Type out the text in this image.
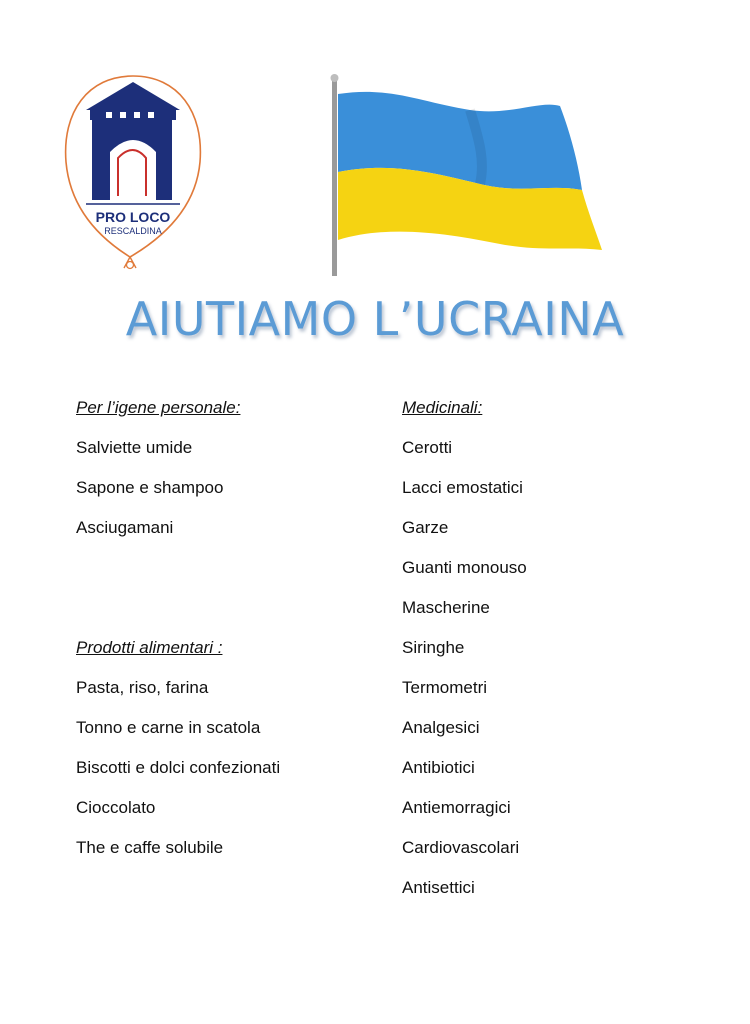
PRO LOCO
RESCALDINA
AIUTIAMO L’UCRAINA
Per l’igene personale:
Salviette umide
Sapone e shampoo
Asciugamani
Prodotti alimentari :
Pasta, riso, farina
Tonno e carne in scatola
Biscotti e dolci confezionati
Cioccolato
The e caffe solubile
Medicinali:
Cerotti
Lacci emostatici
Garze
Guanti monouso
Mascherine
Siringhe
Termometri
Analgesici
Antibiotici
Antiemorragici
Cardiovascolari
Antisettici
